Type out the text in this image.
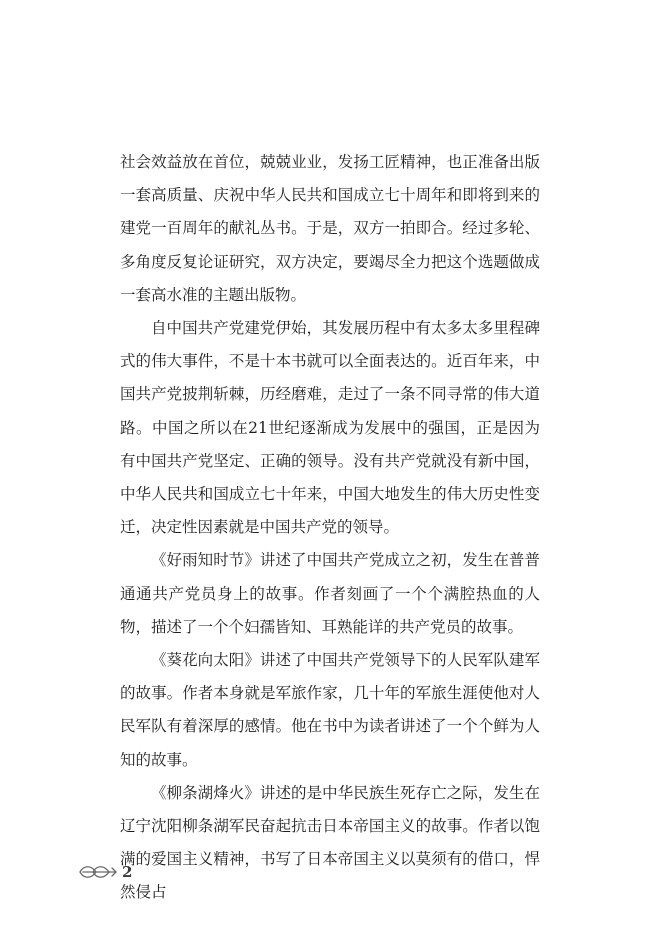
社会效益放在首位，兢兢业业，发扬工匠精神，也正准备出版一套高质量、庆祝中华人民共和国成立七十周年和即将到来的建党一百周年的献礼丛书。于是，双方一拍即合。经过多轮、多角度反复论证研究，双方决定，要竭尽全力把这个选题做成一套高水准的主题出版物。

自中国共产党建党伊始，其发展历程中有太多太多里程碑式的伟大事件，不是十本书就可以全面表达的。近百年来，中国共产党披荆斩棘，历经磨难，走过了一条不同寻常的伟大道路。中国之所以在21世纪逐渐成为发展中的强国，正是因为有中国共产党坚定、正确的领导。没有共产党就没有新中国，中华人民共和国成立七十年来，中国大地发生的伟大历史性变迁，决定性因素就是中国共产党的领导。

《好雨知时节》讲述了中国共产党成立之初，发生在普普通通共产党员身上的故事。作者刻画了一个个满腔热血的人物，描述了一个个妇孺皆知、耳熟能详的共产党员的故事。

《葵花向太阳》讲述了中国共产党领导下的人民军队建军的故事。作者本身就是军旅作家，几十年的军旅生涯使他对人民军队有着深厚的感情。他在书中为读者讲述了一个个鲜为人知的故事。

《柳条湖烽火》讲述的是中华民族生死存亡之际，发生在辽宁沈阳柳条湖军民奋起抗击日本帝国主义的故事。作者以饱满的爱国主义精神，书写了日本帝国主义以莫须有的借口，悍然侵占

2
